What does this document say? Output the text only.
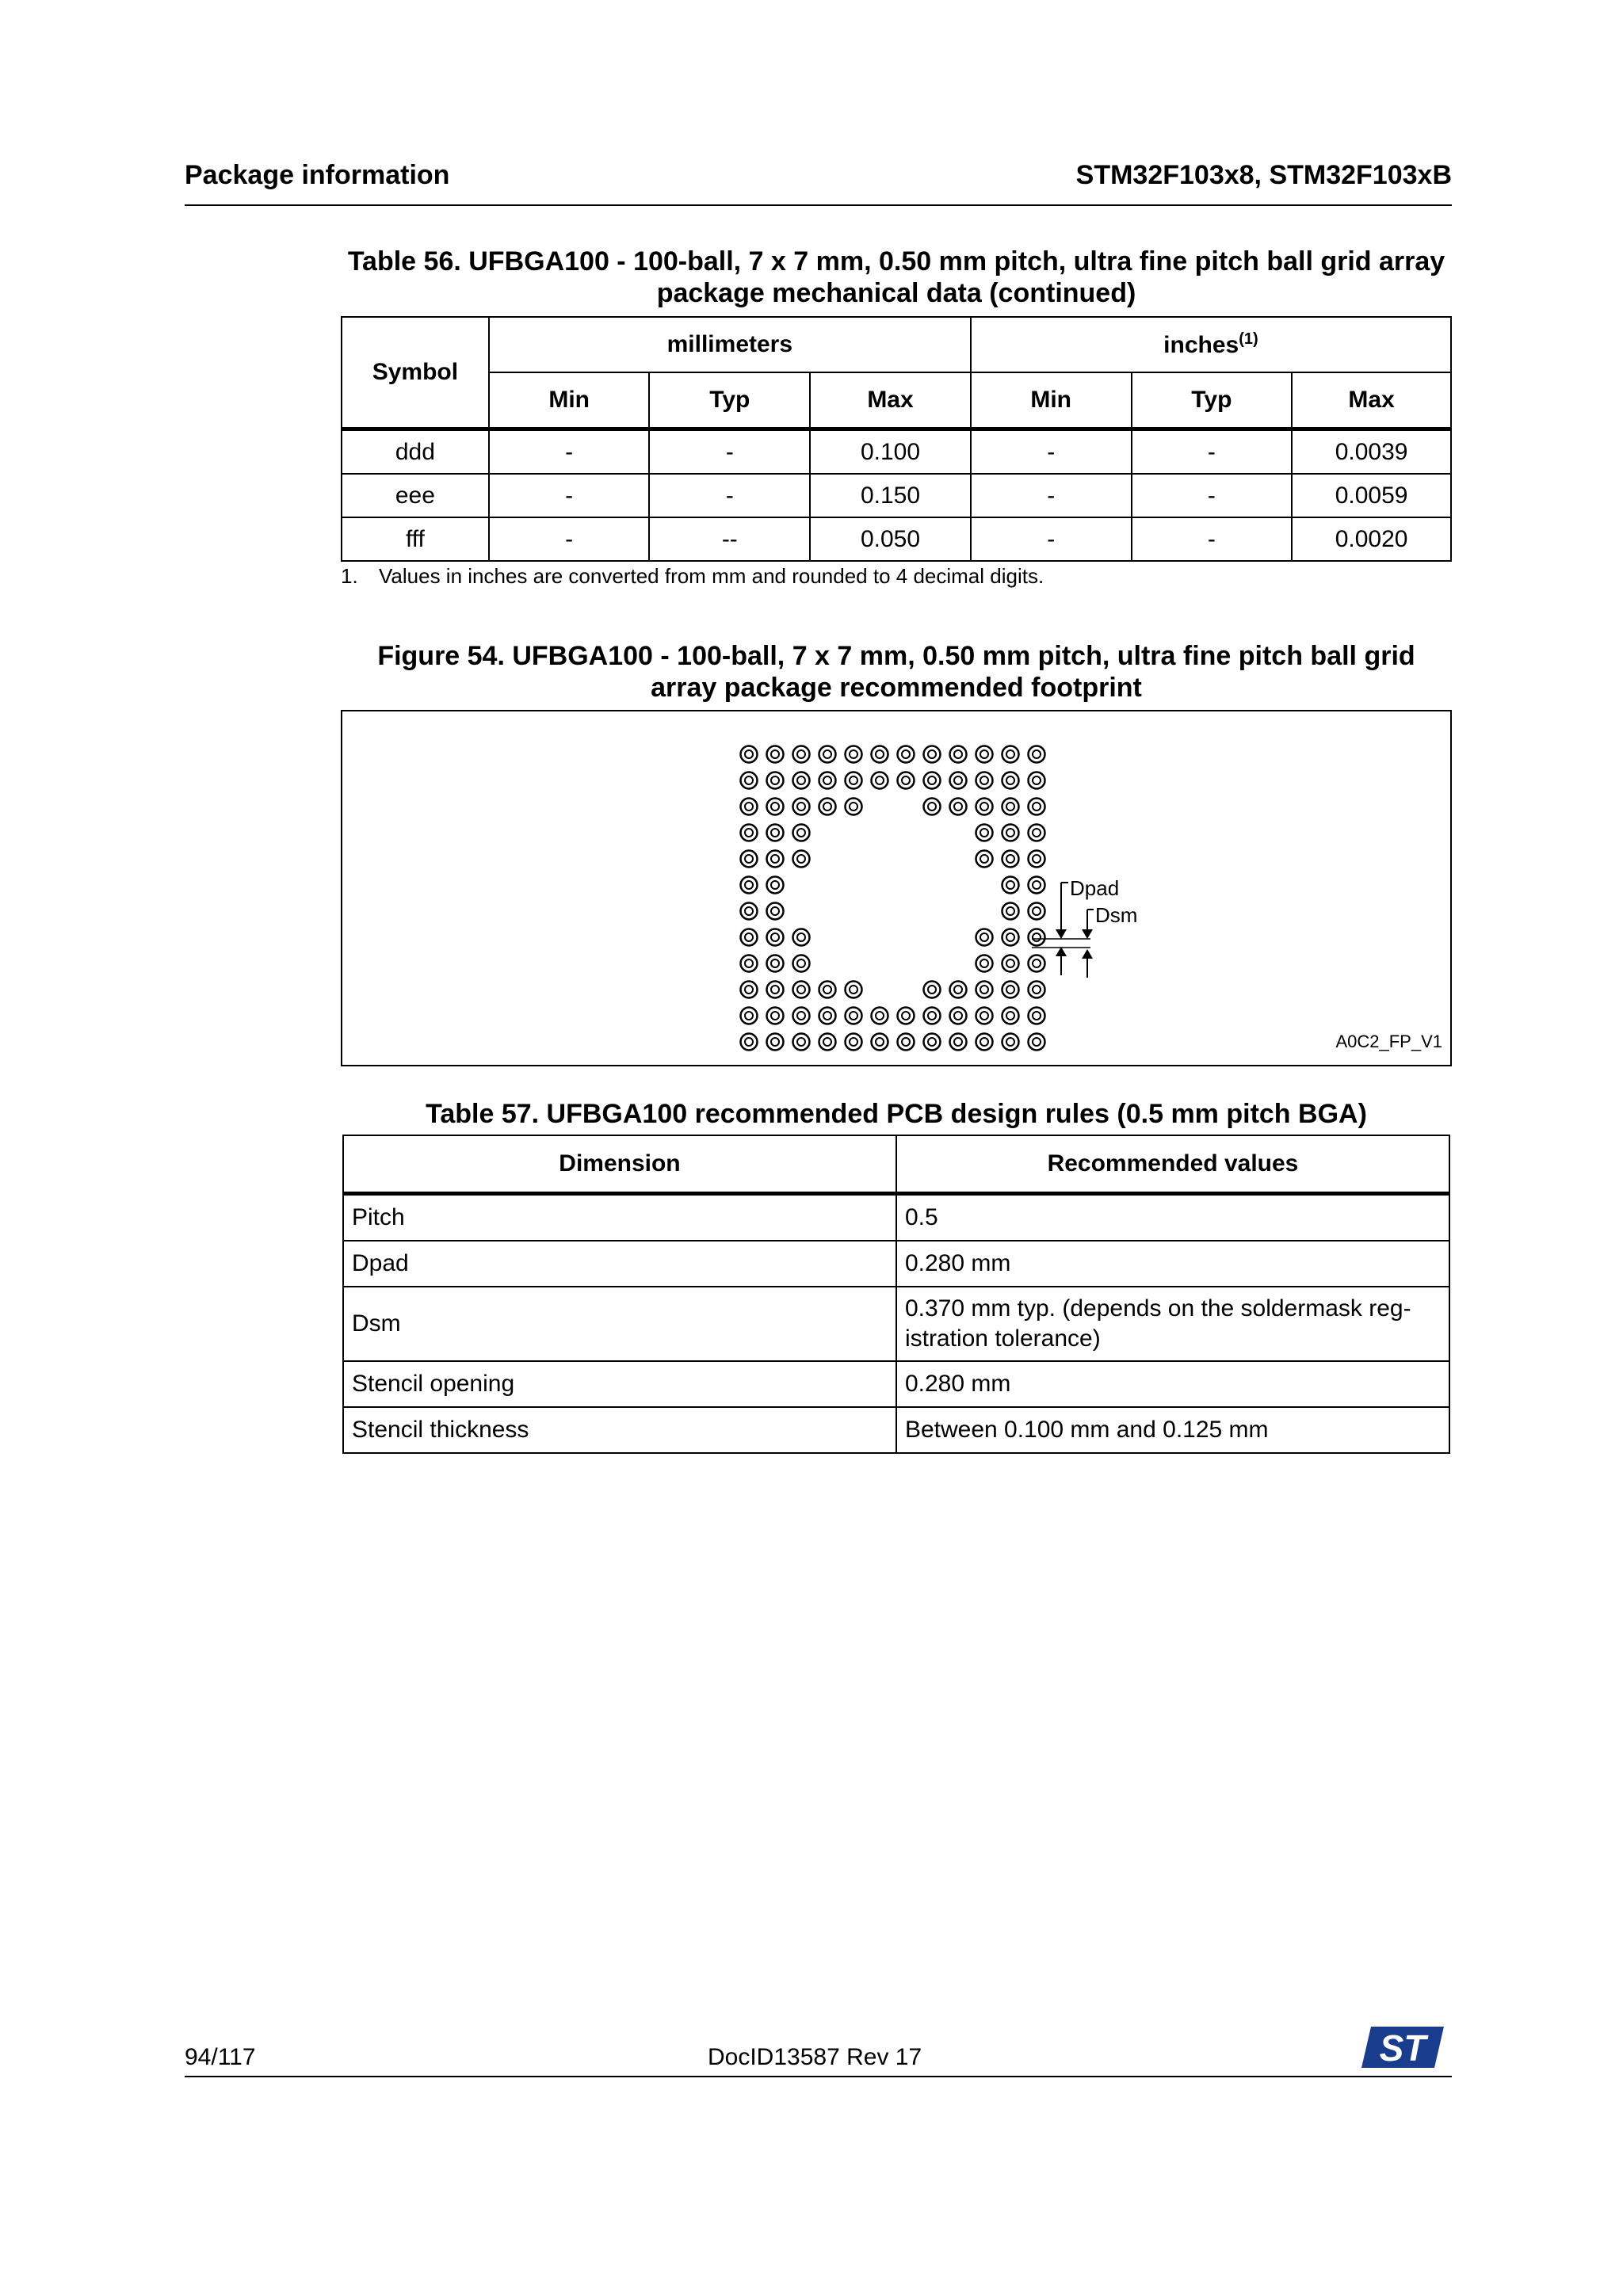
Package information	STM32F103x8, STM32F103xB
Table 56. UFBGA100 - 100-ball, 7 x 7 mm, 0.50 mm pitch, ultra fine pitch ball grid array
package mechanical data (continued)
Symbol	millimeters			inches$^{(1)}$
	Min	Typ	Max	Min	Typ	Max
ddd	-	-	0.100	-	-	0.0039
eee	-	-	0.150	-	-	0.0059
fff	-	--	0.050	-	-	0.0020
1. Values in inches are converted from mm and rounded to 4 decimal digits.
Figure 54. UFBGA100 - 100-ball, 7 x 7 mm, 0.50 mm pitch, ultra fine pitch ball grid
array package recommended footprint
Dpad
Dsm
A0C2_FP_V1
Table 57. UFBGA100 recommended PCB design rules (0.5 mm pitch BGA)
Dimension	Recommended values
Pitch	0.5
Dpad	0.280 mm
Dsm	0.370 mm typ. (depends on the soldermask reg-
istration tolerance)

Stencil opening	0.280 mm
Stencil thickness	Between 0.100 mm and 0.125 mm
94/117	DocID13587 Rev 17	ST
